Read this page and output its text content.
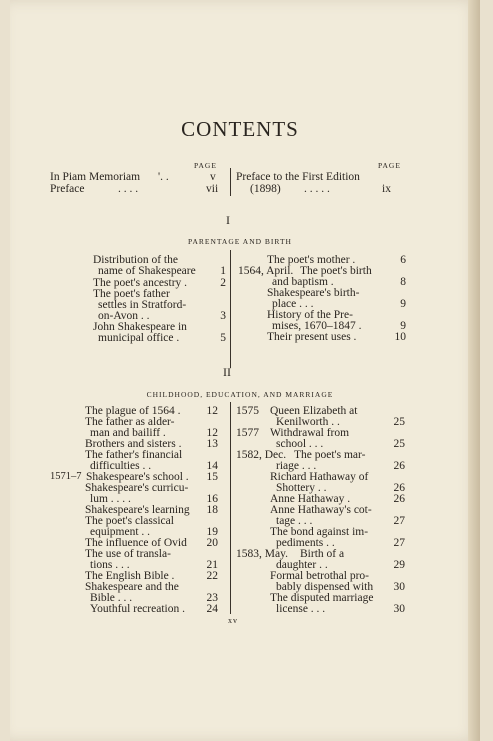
CONTENTS
PAGE	PAGE
In Piam Memoriam '. .	v
Preface	. . . .	vii
Preface to the First Edition
(1898) . . . . .	ix
I
PARENTAGE AND BIRTH
Distribution of the
name of Shakespeare	1
The poet's ancestry .	2
The poet's father
settles in Stratford-
on-Avon . .	3
John Shakespeare in
municipal office .	5
The poet's mother .	6
1564, April. The poet's birth
and baptism .	8
Shakespeare's birth-
place . . .	9
History of the Pre-
mises, 1670–1847 .	9
Their present uses .	10
II
CHILDHOOD, EDUCATION, AND MARRIAGE
The plague of 1564 .	12
The father as alder-
man and bailiff .	12
Brothers and sisters .	13
The father's financial
difficulties . .	14
1571–7 Shakespeare's school .	15
Shakespeare's curricu-
lum . . . .	16
Shakespeare's learning	18
The poet's classical
equipment . .	19
The influence of Ovid	20
The use of transla-
tions . . .	21
The English Bible .	22
Shakespeare and the
Bible . . .	23
Youthful recreation .	24
1575 Queen Elizabeth at
Kenilworth . .	25
1577 Withdrawal from
school . . .	25
1582, Dec. The poet's mar-
riage . . .	26
Richard Hathaway of
Shottery . .	26
Anne Hathaway .	26
Anne Hathaway's cot-
tage . . .	27
The bond against im-
pediments . .	27
1583, May. Birth of a
daughter . .	29
Formal betrothal pro-
bably dispensed with	30
The disputed marriage
license . . .	30
xv
